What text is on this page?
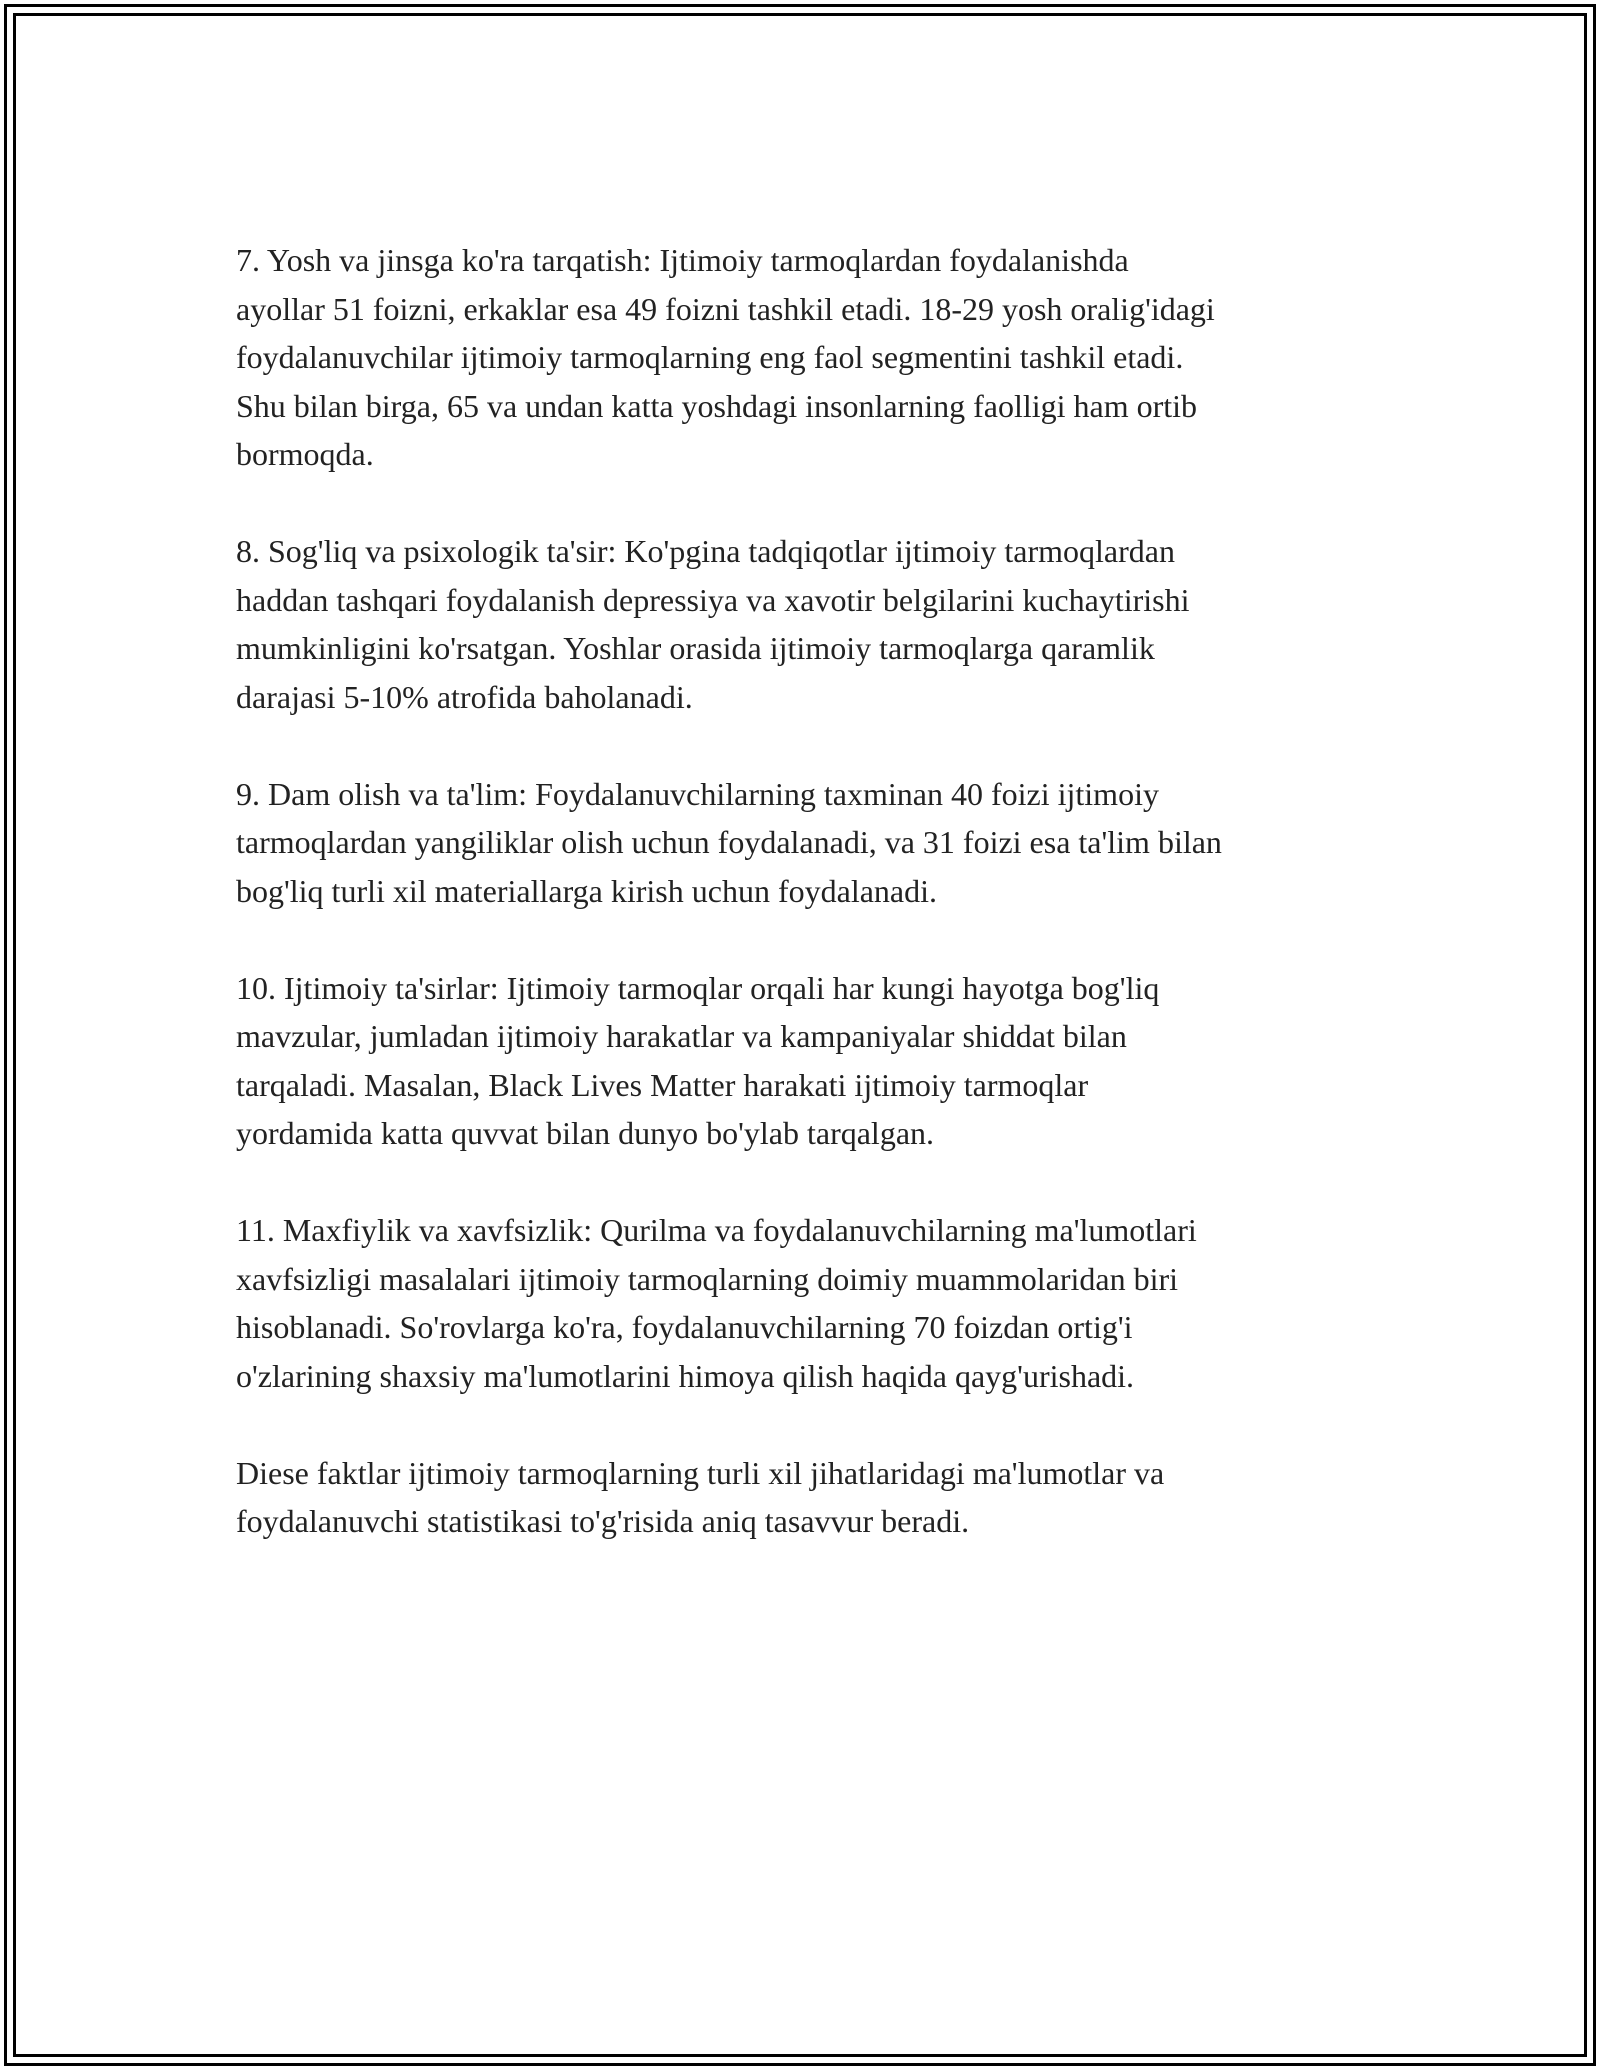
7. Yosh va jinsga ko'ra tarqatish: Ijtimoiy tarmoqlardan foydalanishda
ayollar 51 foizni, erkaklar esa 49 foizni tashkil etadi. 18-29 yosh oralig'idagi
foydalanuvchilar ijtimoiy tarmoqlarning eng faol segmentini tashkil etadi.
Shu bilan birga, 65 va undan katta yoshdagi insonlarning faolligi ham ortib
bormoqda.

8. Sog'liq va psixologik ta'sir: Ko'pgina tadqiqotlar ijtimoiy tarmoqlardan
haddan tashqari foydalanish depressiya va xavotir belgilarini kuchaytirishi
mumkinligini ko'rsatgan. Yoshlar orasida ijtimoiy tarmoqlarga qaramlik
darajasi 5-10% atrofida baholanadi.

9. Dam olish va ta'lim: Foydalanuvchilarning taxminan 40 foizi ijtimoiy
tarmoqlardan yangiliklar olish uchun foydalanadi, va 31 foizi esa ta'lim bilan
bog'liq turli xil materiallarga kirish uchun foydalanadi.

10. Ijtimoiy ta'sirlar: Ijtimoiy tarmoqlar orqali har kungi hayotga bog'liq
mavzular, jumladan ijtimoiy harakatlar va kampaniyalar shiddat bilan
tarqaladi. Masalan, Black Lives Matter harakati ijtimoiy tarmoqlar
yordamida katta quvvat bilan dunyo bo'ylab tarqalgan.

11. Maxfiylik va xavfsizlik: Qurilma va foydalanuvchilarning ma'lumotlari
xavfsizligi masalalari ijtimoiy tarmoqlarning doimiy muammolaridan biri
hisoblanadi. So'rovlarga ko'ra, foydalanuvchilarning 70 foizdan ortig'i
o'zlarining shaxsiy ma'lumotlarini himoya qilish haqida qayg'urishadi.

Diese faktlar ijtimoiy tarmoqlarning turli xil jihatlaridagi ma'lumotlar va
foydalanuvchi statistikasi to'g'risida aniq tasavvur beradi.
